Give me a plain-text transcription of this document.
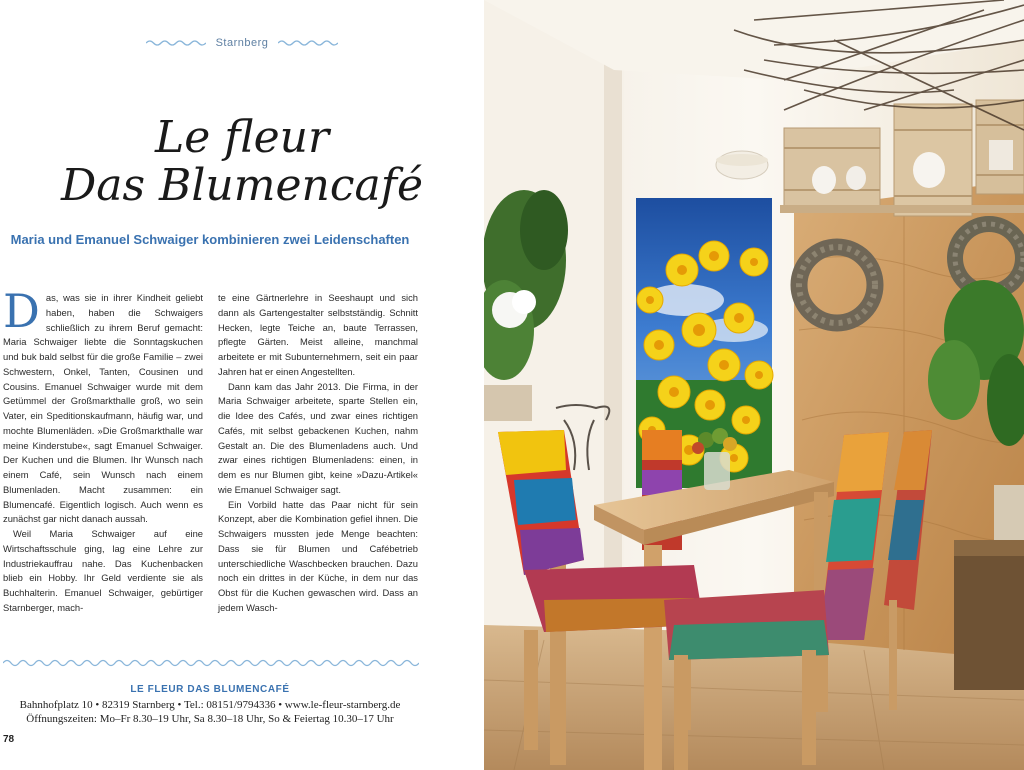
Starnberg
Le fleur
Das Blumencafé
Maria und Emanuel Schwaiger kombinieren zwei Leidenschaften

Das, was sie in ihrer Kindheit geliebt haben, haben die Schwaigers schließlich zu ihrem Beruf gemacht: Maria Schwaiger liebte die Sonntagskuchen und buk bald selbst für die große Familie – zwei Schwestern, Onkel, Tanten, Cousinen und Cousins. Emanuel Schwaiger wurde mit dem Getümmel der Großmarkthalle groß, wo sein Vater, ein Speditionskaufmann, häufig war, und mochte Blumenläden. »Die Großmarkthalle war meine Kinderstube«, sagt Emanuel Schwaiger. Der Kuchen und die Blumen. Ihr Wunsch nach einem Café, sein Wunsch nach einem Blumenladen. Macht zusammen: ein Blumencafé. Eigentlich logisch. Auch wenn es zunächst gar nicht danach aussah.

Weil Maria Schwaiger auf eine Wirtschaftsschule ging, lag eine Lehre zur Industriekauffrau nahe. Das Kuchenbacken blieb ein Hobby. Ihr Geld verdiente sie als Buchhalterin. Emanuel Schwaiger, gebürtiger Starnberger, mach-

te eine Gärtnerlehre in Seeshaupt und sich dann als Gartengestalter selbstständig. Schnitt Hecken, legte Teiche an, baute Terrassen, pflegte Gärten. Meist alleine, manchmal arbeitete er mit Subunternehmern, seit ein paar Jahren hat er einen Angestellten.

Dann kam das Jahr 2013. Die Firma, in der Maria Schwaiger arbeitete, sparte Stellen ein, die Idee des Cafés, und zwar eines richtigen Cafés, mit selbst gebackenen Kuchen, nahm Gestalt an. Die des Blumenladens auch. Und zwar eines richtigen Blumenladens: einen, in dem es nur Blumen gibt, keine »Dazu-Artikel« wie Emanuel Schwaiger sagt.

Ein Vorbild hatte das Paar nicht für sein Konzept, aber die Kombination gefiel ihnen. Die Schwaigers mussten jede Menge beachten: Dass sie für Blumen und Cafébetrieb unterschiedliche Waschbecken brauchen. Dazu noch ein drittes in der Küche, in dem nur das Obst für die Kuchen gewaschen wird. Dass an jedem Wasch-

LE FLEUR DAS BLUMENCAFÉ
Bahnhofplatz 10 • 82319 Starnberg • Tel.: 08151/9794336 • www.le-fleur-starnberg.de
Öffnungszeiten: Mo–Fr 8.30–19 Uhr, Sa 8.30–18 Uhr, So & Feiertag 10.30–17 Uhr
78
